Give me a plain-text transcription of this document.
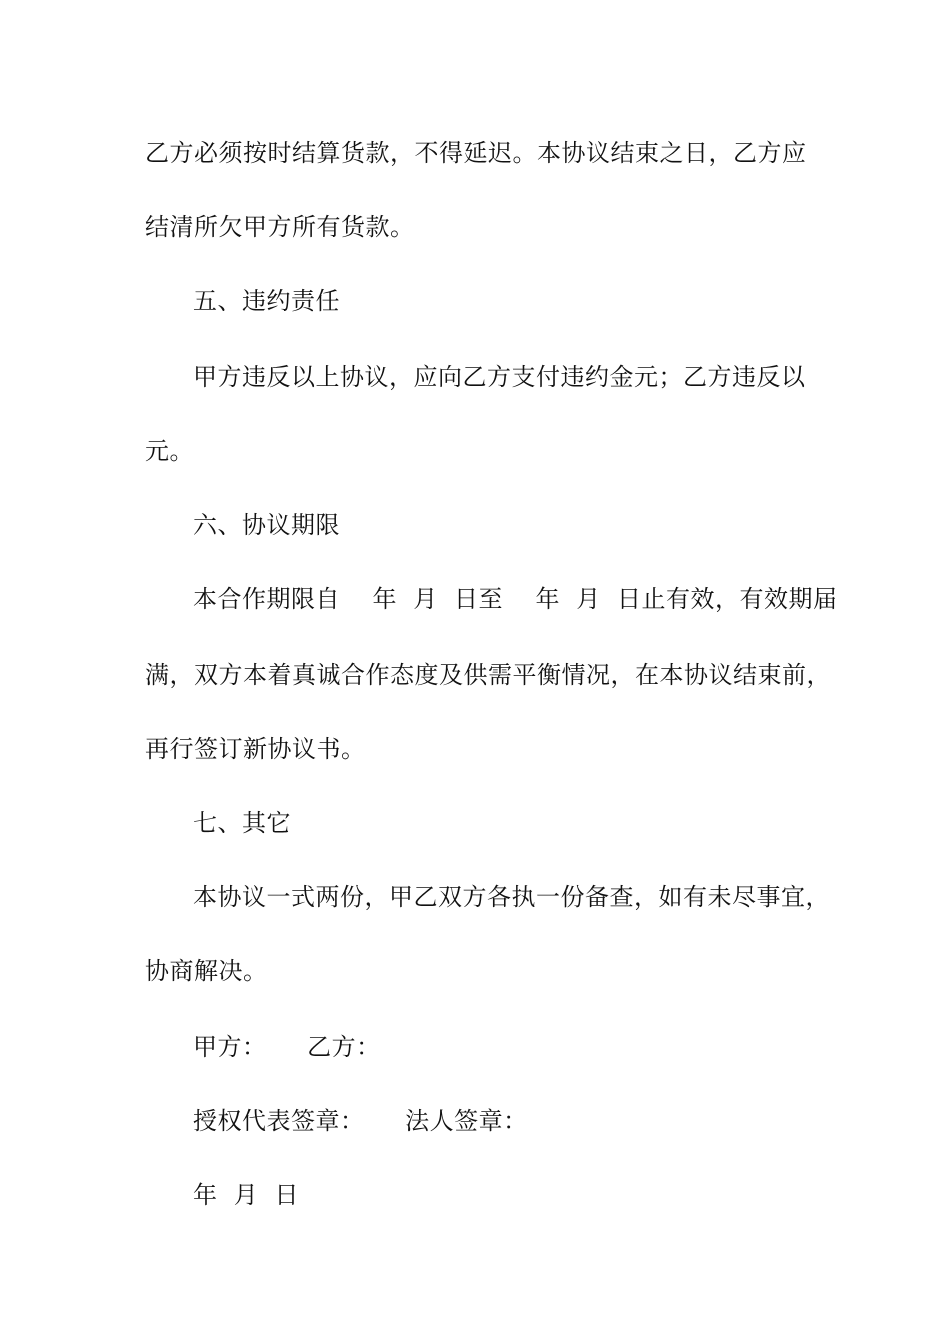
乙方必须按时结算货款，不得延迟。本协议结束之日，乙方应
结清所欠甲方所有货款。
五、违约责任
甲方违反以上协议，应向乙方支付违约金元；乙方违反以
元。
六、协议期限
本合作期限自    年  月  日至    年  月  日止有效，有效期届
满，双方本着真诚合作态度及供需平衡情况，在本协议结束前，
再行签订新协议书。
七、其它
本协议一式两份，甲乙双方各执一份备查，如有未尽事宜，
协商解决。
甲方：     乙方：
授权代表签章：     法人签章：
年  月  日
